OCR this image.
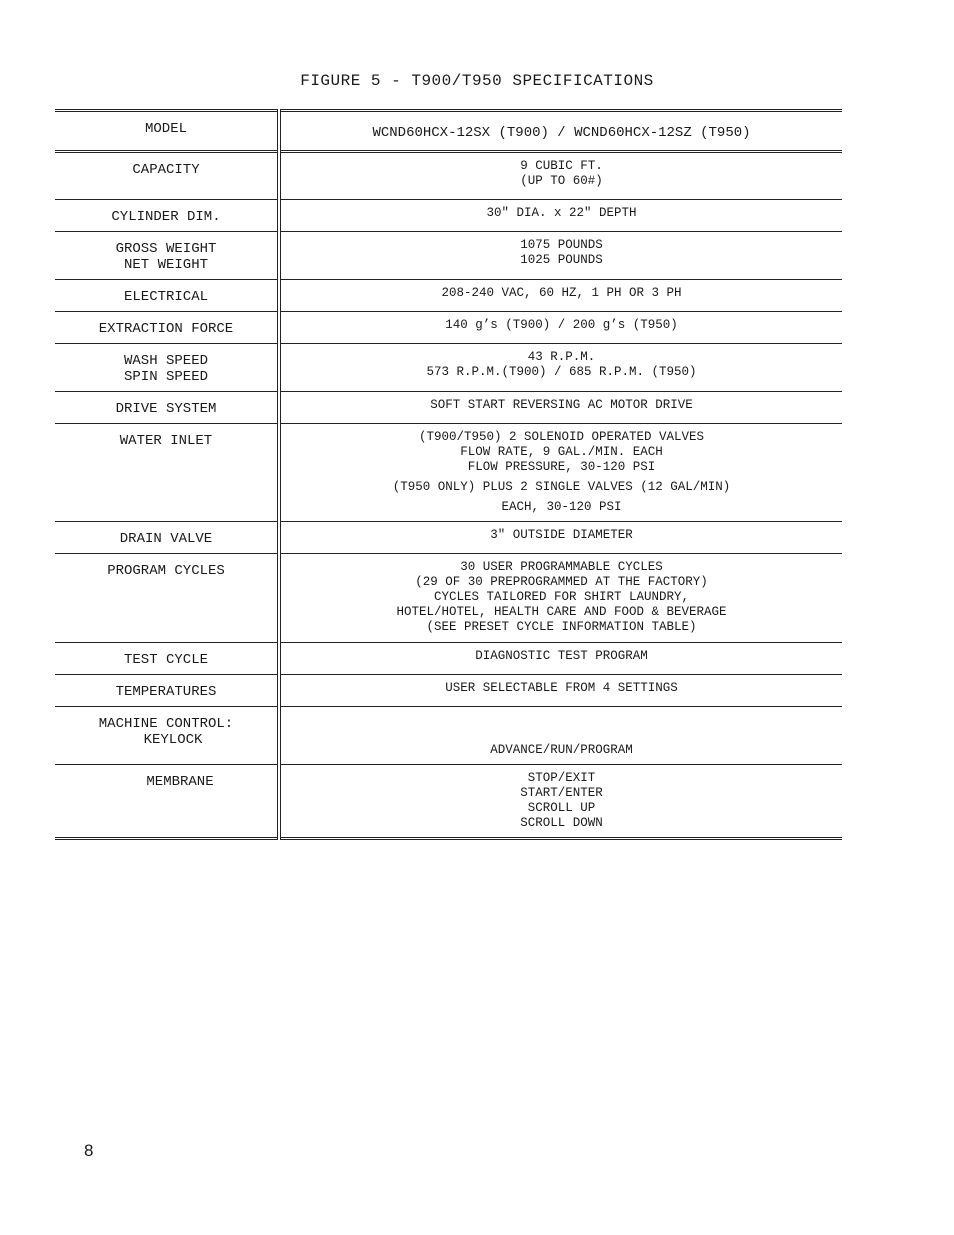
FIGURE 5 - T900/T950 SPECIFICATIONS
MODEL	WCND60HCX-12SX (T900) / WCND60HCX-12SZ (T950)

CAPACITY	9 CUBIC FT.
(UP TO 60#)

CYLINDER DIM.	30" DIA. x 22" DEPTH

GROSS WEIGHT
NET WEIGHT	1075 POUNDS
1025 POUNDS

ELECTRICAL	208-240 VAC, 60 HZ, 1 PH OR 3 PH

EXTRACTION FORCE	140 g’s (T900) / 200 g’s (T950)

WASH SPEED
SPIN SPEED	43 R.P.M.
573 R.P.M.(T900) / 685 R.P.M. (T950)

DRIVE SYSTEM	SOFT START REVERSING AC MOTOR DRIVE

WATER INLET	(T900/T950) 2 SOLENOID OPERATED VALVES
FLOW RATE, 9 GAL./MIN. EACH
FLOW PRESSURE, 30-120 PSI
(T950 ONLY) PLUS 2 SINGLE VALVES (12 GAL/MIN)
EACH, 30-120 PSI

DRAIN VALVE	3" OUTSIDE DIAMETER

PROGRAM CYCLES	30 USER PROGRAMMABLE CYCLES
(29 OF 30 PREPROGRAMMED AT THE FACTORY)
CYCLES TAILORED FOR SHIRT LAUNDRY,
HOTEL/HOTEL, HEALTH CARE AND FOOD & BEVERAGE
(SEE PRESET CYCLE INFORMATION TABLE)

TEST CYCLE	DIAGNOSTIC TEST PROGRAM

TEMPERATURES	USER SELECTABLE FROM 4 SETTINGS

MACHINE CONTROL:
KEYLOCK	ADVANCE/RUN/PROGRAM

MEMBRANE	STOP/EXIT
START/ENTER
SCROLL UP
SCROLL DOWN
8
